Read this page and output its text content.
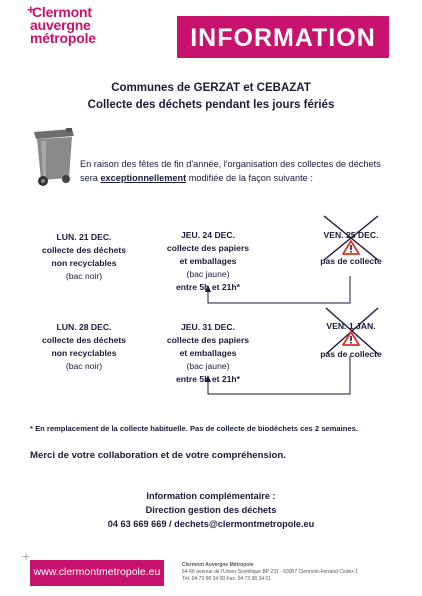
+
Clermont
auvergne
métropole	INFORMATION
Communes de GERZAT et CEBAZAT
Collecte des déchets pendant les jours fériés
En raison des fêtes de fin d'année, l'organisation des collectes de déchets sera exceptionnellement modifiée de la façon suivante :
LUN. 21 DEC.
collecte des déchets
non recyclables
(bac noir)
JEU. 24 DEC.
collecte des papiers
et emballages
(bac jaune)
entre 5h et 21h*
VEN. 25 DEC.
pas de collecte
LUN. 28 DEC.
collecte des déchets
non recyclables
(bac noir)
JEU. 31 DEC.
collecte des papiers
et emballages
(bac jaune)
entre 5h et 21h*
VEN. 1 JAN.
pas de collecte
* En remplacement de la collecte habituelle. Pas de collecte de biodéchets ces 2 semaines.
Merci de votre collaboration et de votre compréhension.
Information complémentaire :
Direction gestion des déchets
04 63 669 669 / dechets@clermontmetropole.eu
+
www.clermontmetropole.eu
Clermont Auvergne Métropole
64-66 avenue de l'Union-Soviétique BP 231 - 63007 Clermont-Ferrand Cedex 1
Tél. 04 73 98 34 00 Fax. 04 73 98 34 01
